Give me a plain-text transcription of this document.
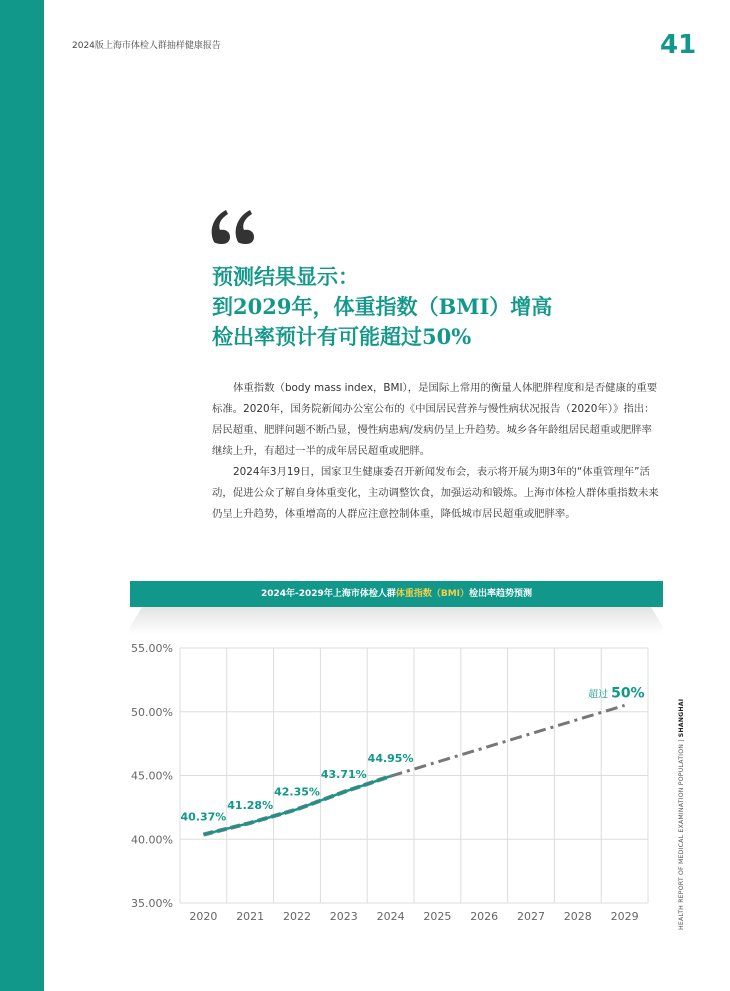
2024版上海市体检人群抽样健康报告	41
预测结果显示：
到2029年，体重指数（BMI）增高
检出率预计有可能超过50%

体重指数（body mass index，BMI），是国际上常用的衡量人体肥胖程度和是否健康的重要标准。2020年，国务院新闻办公室公布的《中国居民营养与慢性病状况报告（2020年）》指出：居民超重、肥胖问题不断凸显，慢性病患病/发病仍呈上升趋势。城乡各年龄组居民超重或肥胖率继续上升，有超过一半的成年居民超重或肥胖。

2024年3月19日，国家卫生健康委召开新闻发布会，表示将开展为期3年的“体重管理年”活动，促进公众了解自身体重变化，主动调整饮食，加强运动和锻炼。上海市体检人群体重指数未来仍呈上升趋势，体重增高的人群应注意控制体重，降低城市居民超重或肥胖率。

2024年-2029年上海市体检人群体重指数（BMI）检出率趋势预测
35.00%
40.00%
45.00%
50.00%
55.00%
2020 2021 2022 2023 2024 2025 2026 2027 2028 2029
40.37%
41.28%
42.35%
43.71%
44.95%
超过 50%
HEALTH REPORT OF MEDICAL EXAMINATION POPULATION | SHANGHAI
